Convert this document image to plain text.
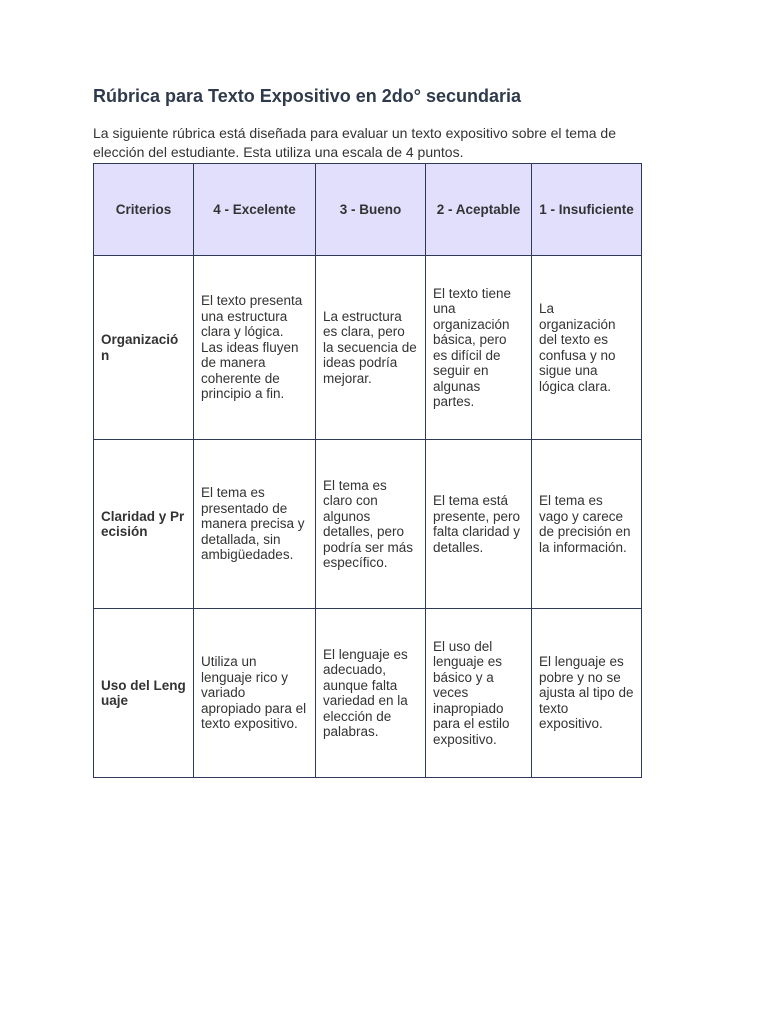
Rúbrica para Texto Expositivo en 2do° secundaria

La siguiente rúbrica está diseñada para evaluar un texto expositivo sobre el tema de elección del estudiante. Esta utiliza una escala de 4 puntos.

Criterios	4 - Excelente	3 - Bueno	2 - Aceptable	1 - Insuficiente
Organización	El texto presenta una estructura clara y lógica. Las ideas fluyen de manera coherente de principio a fin.	La estructura es clara, pero la secuencia de ideas podría mejorar.	El texto tiene una organización básica, pero es difícil de seguir en algunas partes.	La organización del texto es confusa y no sigue una lógica clara.
Claridad y Precisión	El tema es presentado de manera precisa y detallada, sin ambigüedades.	El tema es claro con algunos detalles, pero podría ser más específico.	El tema está presente, pero falta claridad y detalles.	El tema es vago y carece de precisión en la información.
Uso del Lenguaje	Utiliza un lenguaje rico y variado apropiado para el texto expositivo.	El lenguaje es adecuado, aunque falta variedad en la elección de palabras.	El uso del lenguaje es básico y a veces inapropiado para el estilo expositivo.	El lenguaje es pobre y no se ajusta al tipo de texto expositivo.
